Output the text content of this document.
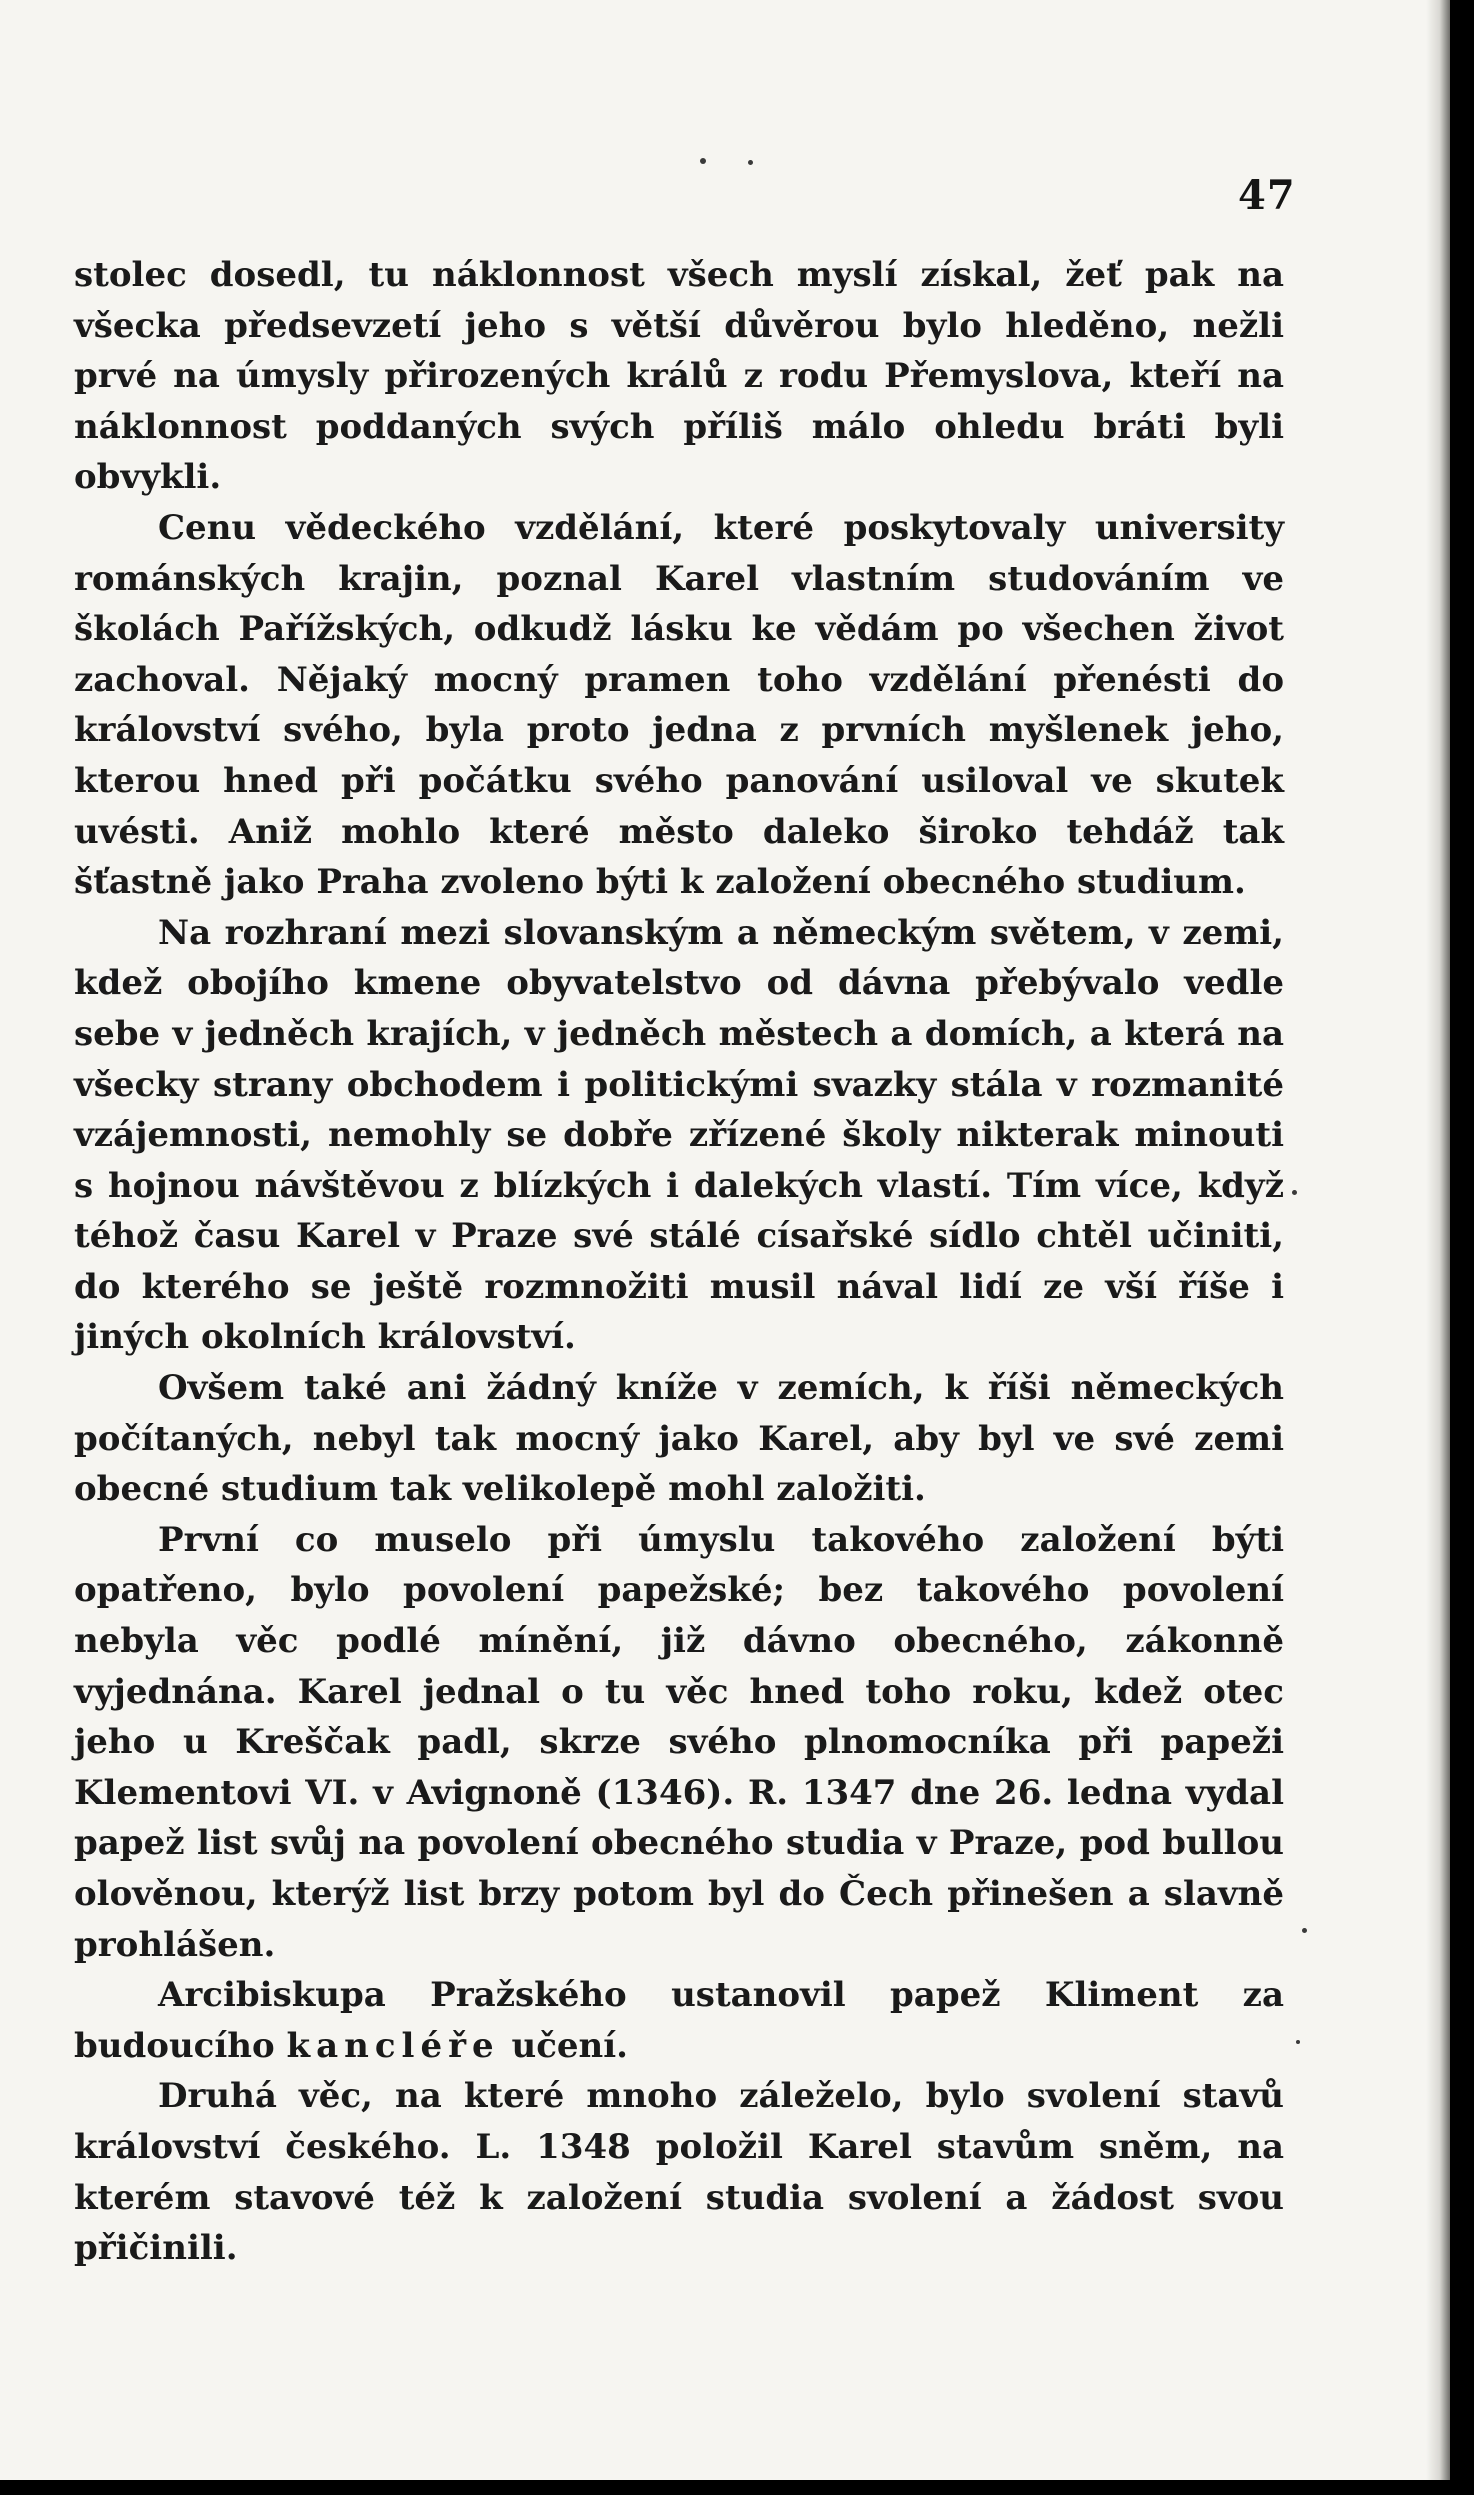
47

stolec dosedl, tu náklonnost všech myslí získal, žeť pak na všecka předsevzetí jeho s větší důvěrou bylo hleděno, nežli prvé na úmysly přirozených králů z rodu Přemyslova, kteří na náklonnost poddaných svých příliš málo ohledu bráti byli obvykli.

Cenu vědeckého vzdělání, které poskytovaly university románských krajin, poznal Karel vlastním studováním ve školách Pařížských, odkudž lásku ke vědám po všechen život zachoval. Nějaký mocný pramen toho vzdělání přenésti do království svého, byla proto jedna z prvních myšlenek jeho, kterou hned při počátku svého panování usiloval ve skutek uvésti. Aniž mohlo které město daleko široko tehdáž tak šťastně jako Praha zvoleno býti k založení obecného studium.

Na rozhraní mezi slovanským a německým světem, v zemi, kdež obojího kmene obyvatelstvo od dávna přebývalo vedle sebe v jedněch krajích, v jedněch městech a domích, a která na všecky strany obchodem i politickými svazky stála v rozmanité vzájemnosti, nemohly se dobře zřízené školy nikterak minouti s hojnou návštěvou z blízkých i dalekých vlastí. Tím více, když téhož času Karel v Praze své stálé císařské sídlo chtěl učiniti, do kterého se ještě rozmnožiti musil nával lidí ze vší říše i jiných okolních království.

Ovšem také ani žádný kníže v zemích, k říši německých počítaných, nebyl tak mocný jako Karel, aby byl ve své zemi obecné studium tak velikolepě mohl založiti.

První co muselo při úmyslu takového založení býti opatřeno, bylo povolení papežské; bez takového povolení nebyla věc podlé mínění, již dávno obecného, zákonně vyjednána. Karel jednal o tu věc hned toho roku, kdež otec jeho u Kreščak padl, skrze svého plnomocníka při papeži Klementovi VI. v Avignoně (1346). R. 1347 dne 26. ledna vydal papež list svůj na povolení obecného studia v Praze, pod bullou olověnou, kterýž list brzy potom byl do Čech přinešen a slavně prohlášen.

Arcibiskupa Pražského ustanovil papež Kliment za budoucího kancléře učení.

Druhá věc, na které mnoho záleželo, bylo svolení stavů království českého. L. 1348 položil Karel stavům sněm, na kterém stavové též k založení studia svolení a žádost svou přičinili.
